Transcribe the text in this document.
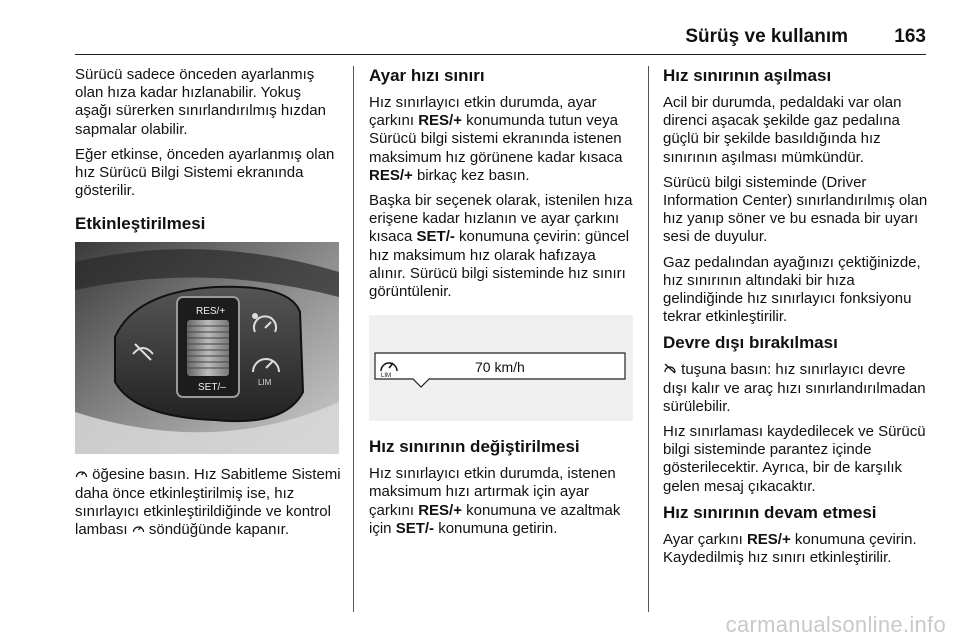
Sürüş ve kullanım 163

Sürücü sadece önceden ayarlanmış olan hıza kadar hızlanabilir. Yokuş aşağı sürerken sınırlandırılmış hızdan sapmalar olabilir.

Eğer etkinse, önceden ayarlanmış olan hız Sürücü Bilgi Sistemi ekranında gösterilir.

Etkinleştirilmesi
RES/+
SET/–	LIM

öğesine basın. Hız Sabitleme Sistemi daha önce etkinleştirilmiş ise, hız sınırlayıcı etkinleştirildiğinde ve kontrol lambası söndüğünde kapanır.

Ayar hızı sınırı

Hız sınırlayıcı etkin durumda, ayar çarkını RES/+ konumunda tutun veya Sürücü bilgi sistemi ekranında istenen maksimum hız görünene kadar kısaca RES/+ birkaç kez basın.

Başka bir seçenek olarak, istenilen hıza erişene kadar hızlanın ve ayar çarkını kısaca SET/- konumuna çevirin: güncel hız maksimum hız olarak hafızaya alınır. Sürücü bilgi sisteminde hız sınırı görüntülenir.

LIM
70 km/h
Hız sınırının değiştirilmesi

Hız sınırlayıcı etkin durumda, istenen maksimum hızı artırmak için ayar çarkını RES/+ konumuna ve azaltmak için SET/- konumuna getirin.

Hız sınırının aşılması

Acil bir durumda, pedaldaki var olan direnci aşacak şekilde gaz pedalına güçlü bir şekilde basıldığında hız sınırının aşılması mümkündür.

Sürücü bilgi sisteminde (Driver Information Center) sınırlandırılmış olan hız yanıp söner ve bu esnada bir uyarı sesi de duyulur.

Gaz pedalından ayağınızı çektiğinizde, hız sınırının altındaki bir hıza gelindiğinde hız sınırlayıcı fonksiyonu tekrar etkinleştirilir.

Devre dışı bırakılması

tuşuna basın: hız sınırlayıcı devre dışı kalır ve araç hızı sınırlandırılmadan sürülebilir.

Hız sınırlaması kaydedilecek ve Sürücü bilgi sisteminde parantez içinde gösterilecektir. Ayrıca, bir de karşılık gelen mesaj çıkacaktır.

Hız sınırının devam etmesi

Ayar çarkını RES/+ konumuna çevirin. Kaydedilmiş hız sınırı etkinleştirilir.

carmanualsonline.info
